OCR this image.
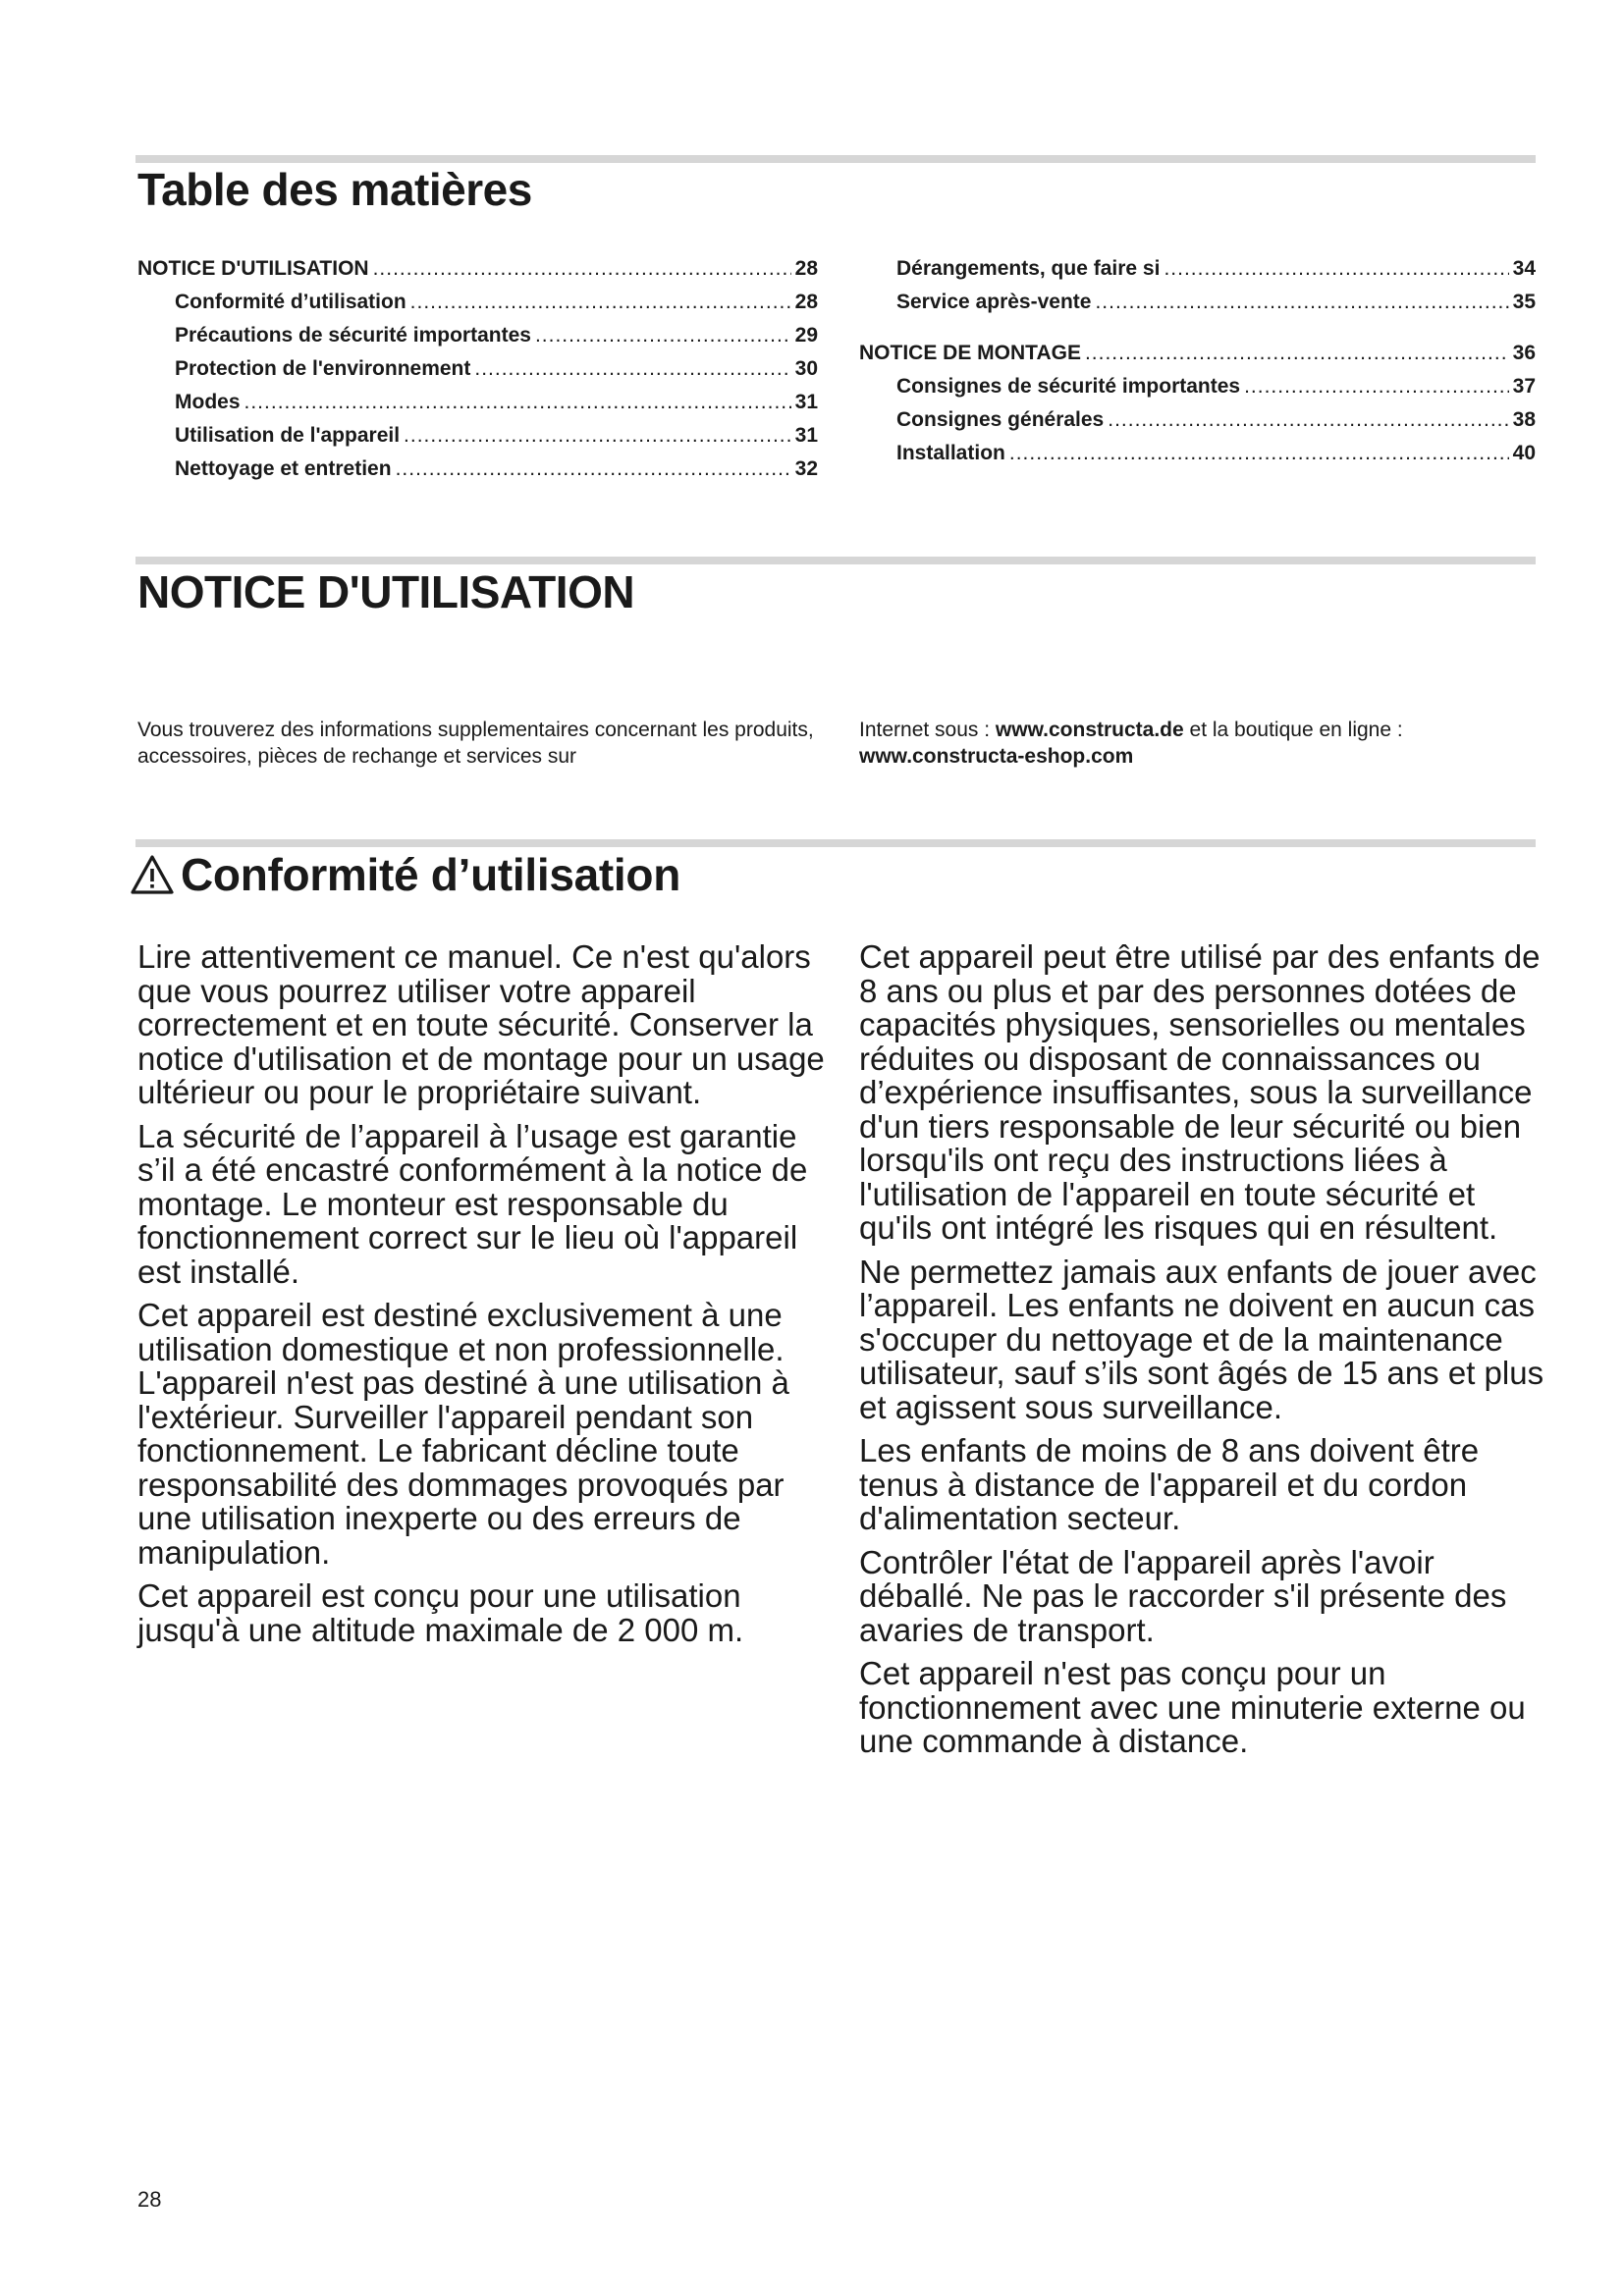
Table des matières
NOTICE D'UTILISATION .....	28
Conformité d’utilisation .....	28
Précautions de sécurité importantes .....	29
Protection de l'environnement .....	30
Modes .....	31
Utilisation de l'appareil .....	31
Nettoyage et entretien .....	32
Dérangements, que faire si .....	34
Service après-vente .....	35
NOTICE DE MONTAGE .....	36
Consignes de sécurité importantes .....	37
Consignes générales .....	38
Installation .....	40
NOTICE D'UTILISATION
Vous trouverez des informations supplementaires concernant les produits, accessoires, pièces de rechange et services sur
Internet sous : www.constructa.de et la boutique en ligne :
www.constructa-eshop.com
Conformité d’utilisation

Lire attentivement ce manuel. Ce n'est qu'alors que vous pourrez utiliser votre appareil correctement et en toute sécurité. Conserver la notice d'utilisation et de montage pour un usage ultérieur ou pour le propriétaire suivant.

La sécurité de l’appareil à l’usage est garantie s’il a été encastré conformément à la notice de montage. Le monteur est responsable du fonctionnement correct sur le lieu où l'appareil est installé.

Cet appareil est destiné exclusivement à une utilisation domestique et non professionnelle. L'appareil n'est pas destiné à une utilisation à l'extérieur. Surveiller l'appareil pendant son fonctionnement. Le fabricant décline toute responsabilité des dommages provoqués par une utilisation inexperte ou des erreurs de manipulation.

Cet appareil est conçu pour une utilisation jusqu'à une altitude maximale de 2 000 m.

Cet appareil peut être utilisé par des enfants de 8 ans ou plus et par des personnes dotées de capacités physiques, sensorielles ou mentales réduites ou disposant de connaissances ou d’expérience insuffisantes, sous la surveillance d'un tiers responsable de leur sécurité ou bien lorsqu'ils ont reçu des instructions liées à l'utilisation de l'appareil en toute sécurité et qu'ils ont intégré les risques qui en résultent.

Ne permettez jamais aux enfants de jouer avec l’appareil. Les enfants ne doivent en aucun cas s'occuper du nettoyage et de la maintenance utilisateur, sauf s’ils sont âgés de 15 ans et plus et agissent sous surveillance.

Les enfants de moins de 8 ans doivent être tenus à distance de l'appareil et du cordon d'alimentation secteur.

Contrôler l'état de l'appareil après l'avoir déballé. Ne pas le raccorder s'il présente des avaries de transport.

Cet appareil n'est pas conçu pour un fonctionnement avec une minuterie externe ou une commande à distance.

28
